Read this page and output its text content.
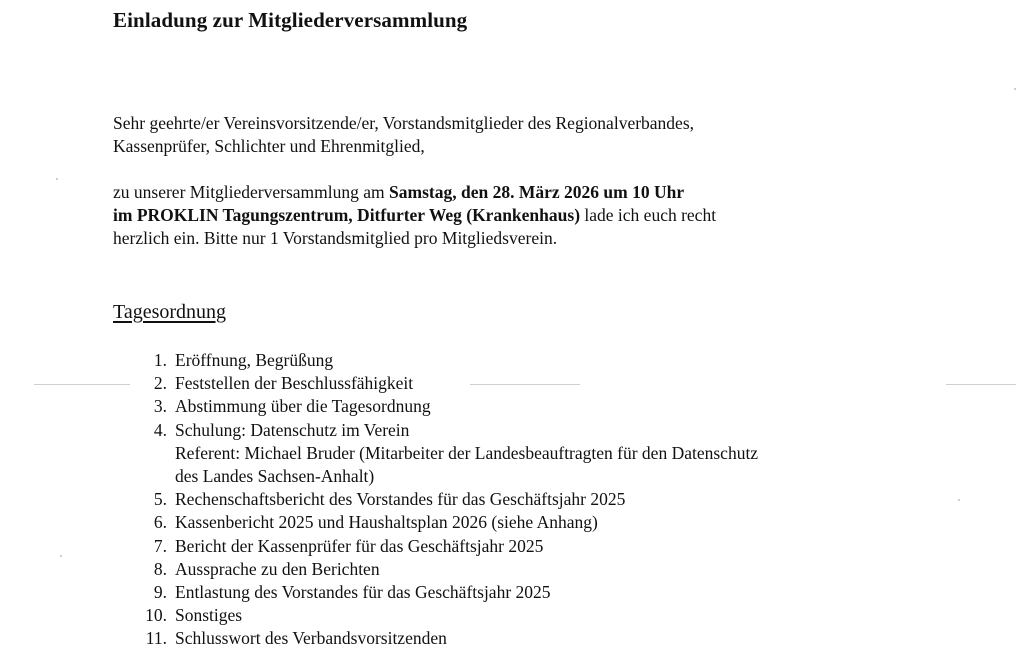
Einladung zur Mitgliederversammlung
Sehr geehrte/er Vereinsvorsitzende/er, Vorstandsmitglieder des Regionalverbandes,
Kassenprüfer, Schlichter und Ehrenmitglied,
zu unserer Mitgliederversammlung am Samstag, den 28. März 2026 um 10 Uhr
im PROKLIN Tagungszentrum, Ditfurter Weg (Krankenhaus) lade ich euch recht
herzlich ein. Bitte nur 1 Vorstandsmitglied pro Mitgliedsverein.
Tagesordnung
1. Eröffnung, Begrüßung
2. Feststellen der Beschlussfähigkeit
3. Abstimmung über die Tagesordnung
4. Schulung: Datenschutz im Verein
Referent: Michael Bruder (Mitarbeiter der Landesbeauftragten für den Datenschutz
des Landes Sachsen-Anhalt)
5. Rechenschaftsbericht des Vorstandes für das Geschäftsjahr 2025
6. Kassenbericht 2025 und Haushaltsplan 2026 (siehe Anhang)
7. Bericht der Kassenprüfer für das Geschäftsjahr 2025
8. Aussprache zu den Berichten
9. Entlastung des Vorstandes für das Geschäftsjahr 2025
10. Sonstiges
11. Schlusswort des Verbandsvorsitzenden
